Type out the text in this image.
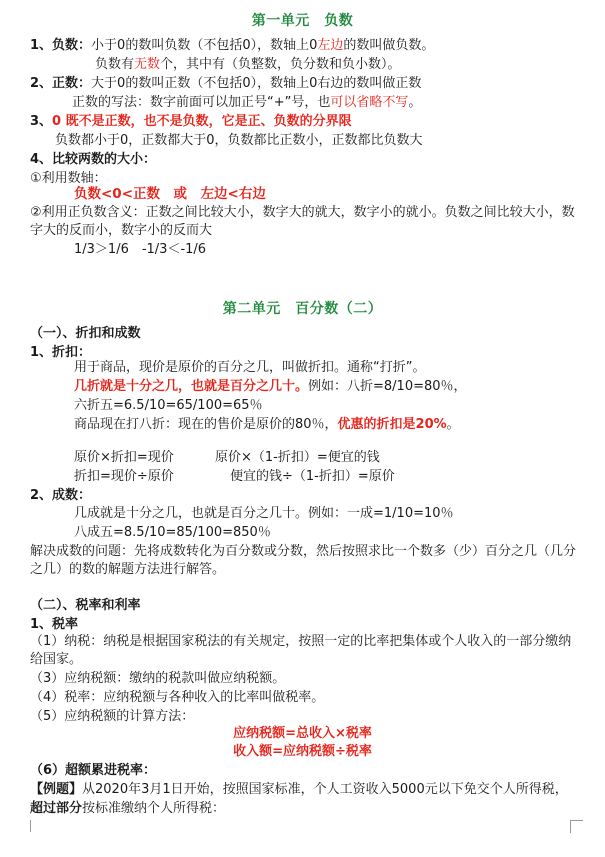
第一单元　负数
1、负数：小于0的数叫负数（不包括0），数轴上0左边的数叫做负数。
负数有无数个，其中有（负整数，负分数和负小数）。
2、正数：大于0的数叫正数（不包括0），数轴上0右边的数叫做正数
正数的写法：数字前面可以加正号“+”号，也可以省略不写。
3、0 既不是正数，也不是负数，它是正、负数的分界限
负数都小于0，正数都大于0，负数都比正数小，正数都比负数大
4、比较两数的大小：
①利用数轴：
负数<0<正数　或　左边<右边
②利用正负数含义：正数之间比较大小，数字大的就大，数字小的就小。负数之间比较大小，数字大的反而小，数字小的反而大
1/3＞1/6　-1/3＜-1/6
第二单元　百分数（二）
（一）、折扣和成数
1、折扣：
用于商品，现价是原价的百分之几，叫做折扣。通称“打折”。
几折就是十分之几，也就是百分之几十。例如：八折=8/10=80％，
六折五=6.5/10=65/100=65％
商品现在打八折：现在的售价是原价的80％，优惠的折扣是20%。
原价×折扣=现价	原价×（1-折扣）=便宜的钱
折扣=现价÷原价	便宜的钱÷（1-折扣）=原价
2、成数：
几成就是十分之几，也就是百分之几十。例如：一成=1/10=10％
八成五=8.5/10=85/100=850％
解决成数的问题：先将成数转化为百分数或分数，然后按照求比一个数多（少）百分之几（几分之几）的数的解题方法进行解答。
（二）、税率和利率
1、税率
（1）纳税：纳税是根据国家税法的有关规定，按照一定的比率把集体或个人收入的一部分缴纳给国家。
（3）应纳税额：缴纳的税款叫做应纳税额。
（4）税率：应纳税额与各种收入的比率叫做税率。
（5）应纳税额的计算方法：
应纳税额=总收入×税率
收入额=应纳税额÷税率
（6）超额累进税率：
【例题】从2020年3月1日开始，按照国家标准，个人工资收入5000元以下免交个人所得税，
超过部分按标准缴纳个人所得税：
